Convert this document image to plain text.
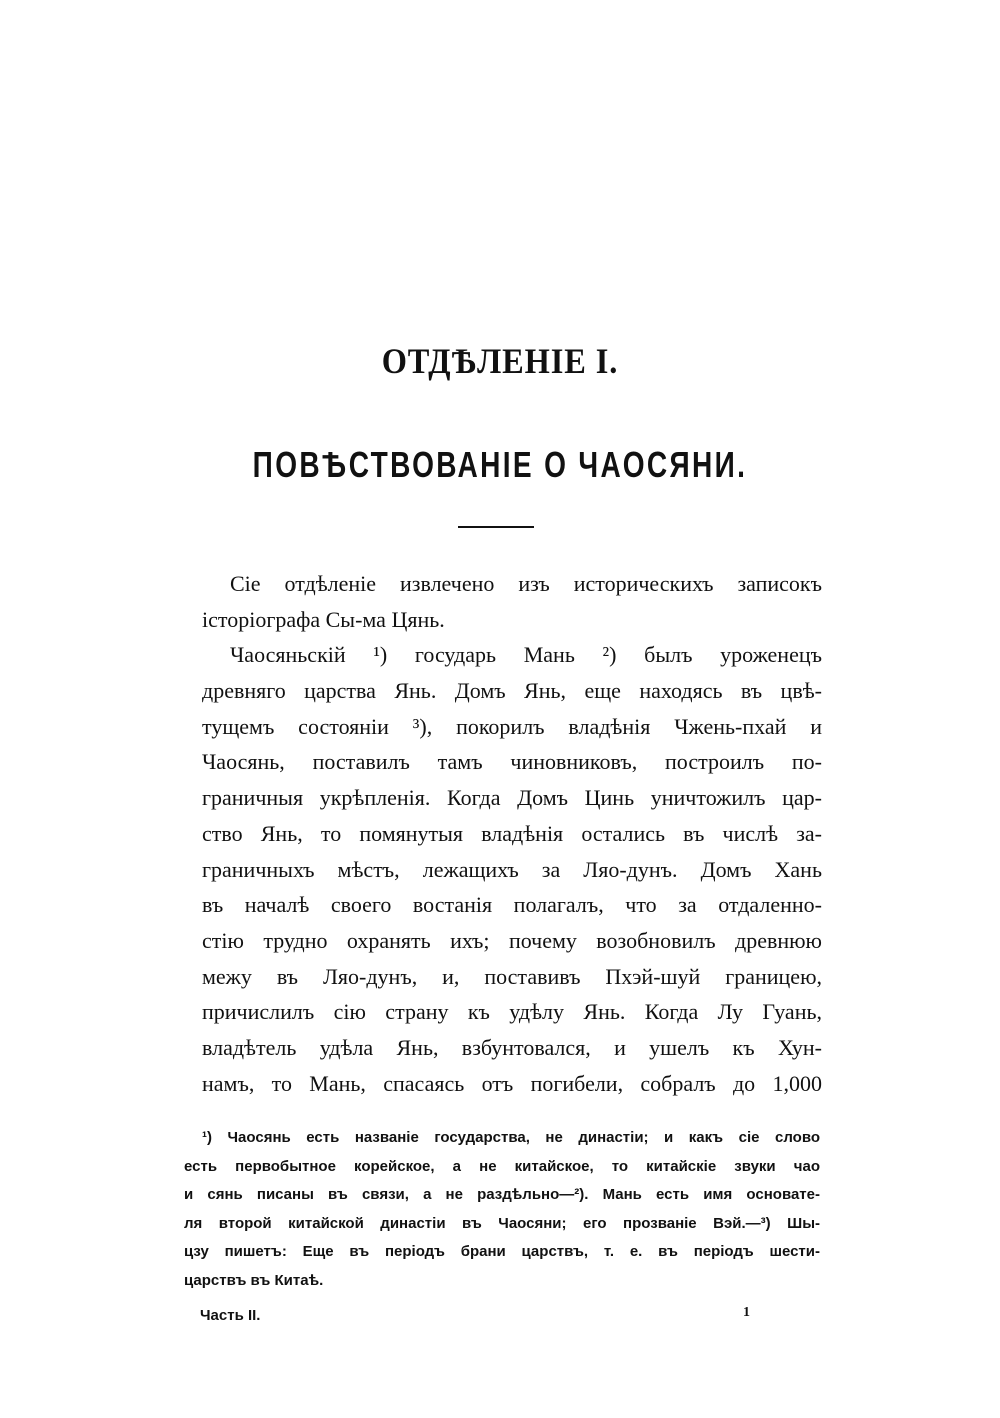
ОТДѢЛЕНІЕ І.
ПОВѢСТВОВАНІЕ О ЧАОСЯНИ.
Сіе отдѣленіе извлечено изъ историческихъ записокъ
історіографа Сы-ма Цянь.
Чаосяньскій ¹) государь Мань ²) былъ уроженецъ
древняго царства Янь. Домъ Янь, еще находясь въ цвѣ-
тущемъ состояніи ³), покорилъ владѣнія Чжень-пхай и
Чаосянь, поставилъ тамъ чиновниковъ, построилъ по-
граничныя укрѣпленія. Когда Домъ Цинь уничтожилъ цар-
ство Янь, то помянутыя владѣнія остались въ числѣ за-
граничныхъ мѣстъ, лежащихъ за Ляо-дунъ. Домъ Хань
въ началѣ своего востанія полагалъ, что за отдаленно-
стію трудно охранять ихъ; почему возобновилъ древнюю
межу въ Ляо-дунъ, и, поставивъ Пхэй-шуй границею,
причислилъ сію страну къ удѣлу Янь. Когда Лу Гуань,
владѣтель удѣла Янь, взбунтовался, и ушелъ къ Хун-
намъ, то Мань, спасаясь отъ погибели, собралъ до 1,000
¹) Чаосянь есть названіе государства, не династіи; и какъ сіе слово
есть первобытное корейское, а не китайское, то китайскіе звуки чао
и сянь писаны въ связи, а не раздѣльно—²). Мань есть имя основате-
ля второй китайской династіи въ Чаосяни; его прозваніе Вэй.—³) Шы-
цзу пишетъ: Еще въ періодъ брани царствъ, т. е. въ періодъ шести-
царствъ въ Китаѣ.
Часть II.	1
